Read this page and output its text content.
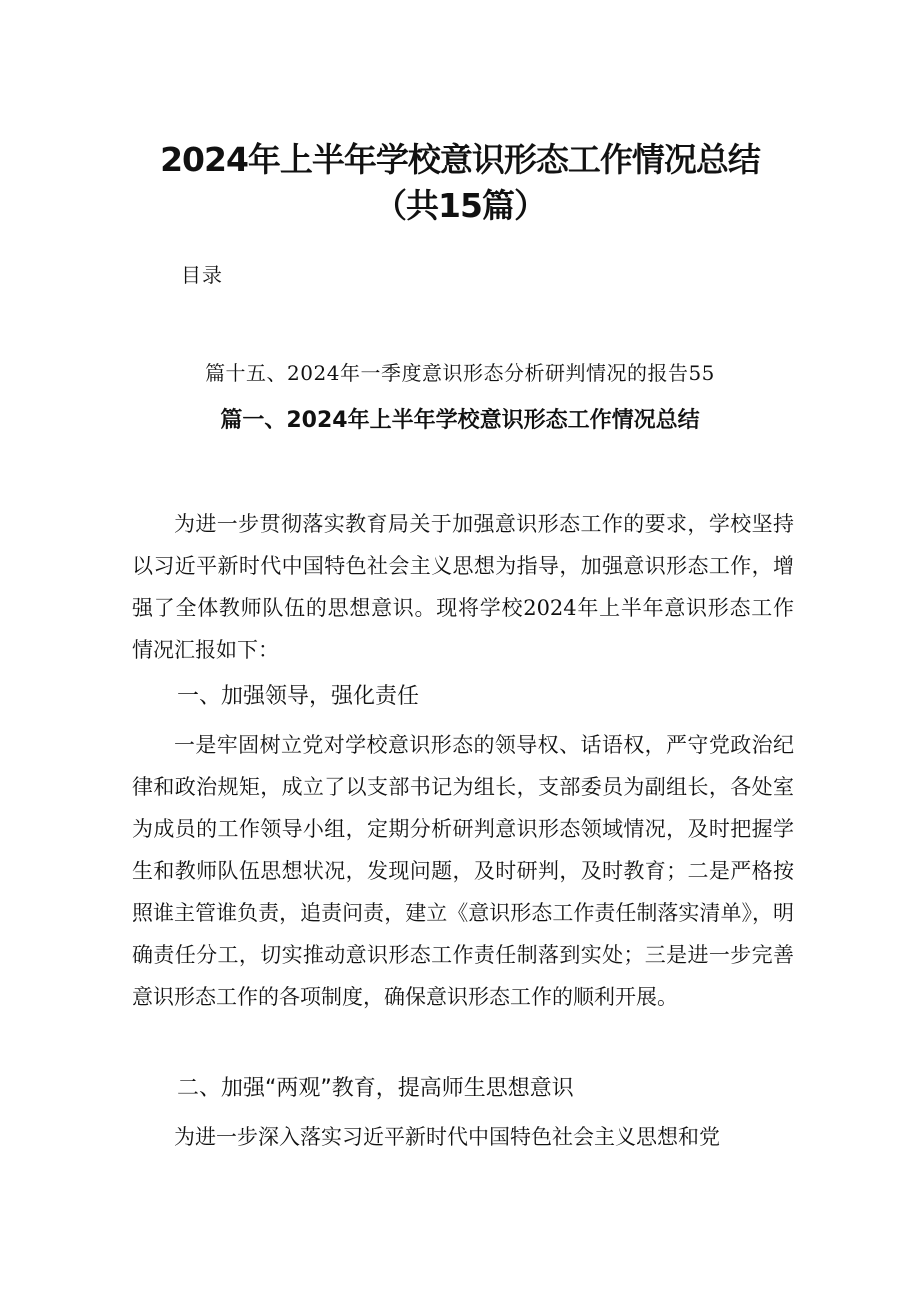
2024年上半年学校意识形态工作情况总结
（共15篇）
目录
篇十五、2024年一季度意识形态分析研判情况的报告55
篇一、2024年上半年学校意识形态工作情况总结
为进一步贯彻落实教育局关于加强意识形态工作的要求，学校坚持以习近平新时代中国特色社会主义思想为指导，加强意识形态工作，增强了全体教师队伍的思想意识。现将学校2024年上半年意识形态工作情况汇报如下：
一、加强领导，强化责任
一是牢固树立党对学校意识形态的领导权、话语权，严守党政治纪律和政治规矩，成立了以支部书记为组长，支部委员为副组长，各处室为成员的工作领导小组，定期分析研判意识形态领域情况，及时把握学生和教师队伍思想状况，发现问题，及时研判，及时教育；二是严格按照谁主管谁负责，追责问责，建立《意识形态工作责任制落实清单》，明确责任分工，切实推动意识形态工作责任制落到实处；三是进一步完善意识形态工作的各项制度，确保意识形态工作的顺利开展。
二、加强“两观”教育，提高师生思想意识
为进一步深入落实习近平新时代中国特色社会主义思想和党
